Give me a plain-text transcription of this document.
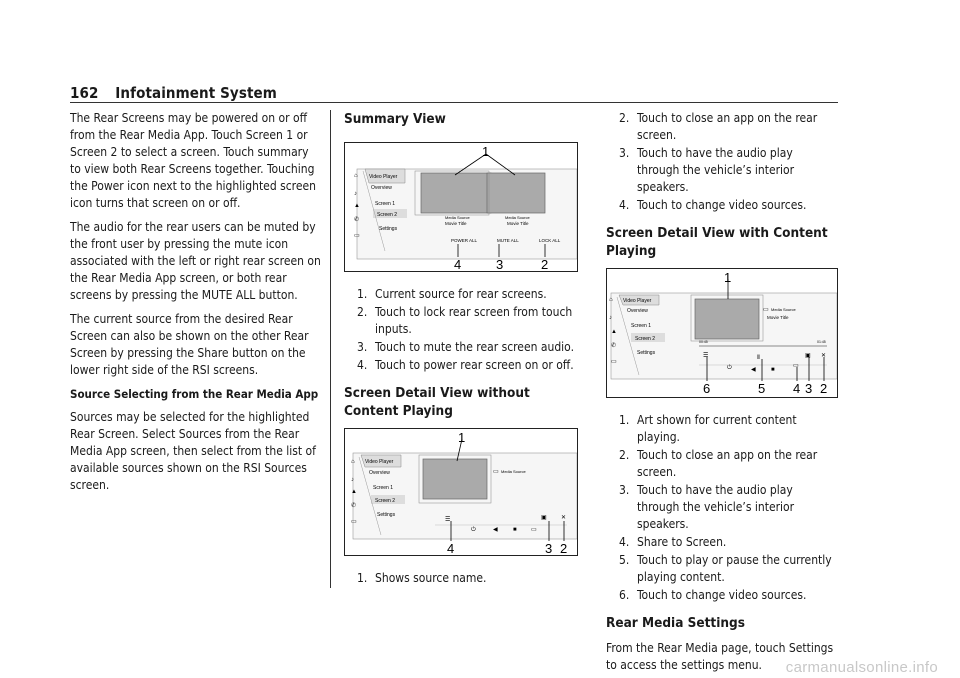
162 Infotainment System

The Rear Screens may be powered on or off from the Rear Media App. Touch Screen 1 or Screen 2 to select a screen. Touch summary to view both Rear Screens together. Touching the Power icon next to the highlighted screen icon turns that screen on or off.

The audio for the rear users can be muted by the front user by pressing the mute icon associated with the left or right rear screen on the Rear Media App screen, or both rear screens by pressing the MUTE ALL button.

The current source from the desired Rear Screen can also be shown on the other Rear Screen by pressing the Share button on the lower right side of the RSI screens.

Source Selecting from the Rear Media App

Sources may be selected for the highlighted Rear Screen. Select Sources from the Rear Media App screen, then select from the list of available sources shown on the RSI Sources screen.

Summary View
⌂
♪
▲
✆
▭
Video Player
Overview
Screen 1
Screen 2
Settings
Media Source
Movie Title
Media Source
Movie Title
POWER ALL	MUTE ALL	LOCK ALL
1
4	3	2
1. Current source for rear screens.
2. Touch to lock rear screen from touch inputs.
3. Touch to mute the rear screen audio.
4. Touch to power rear screen on or off.
Screen Detail View without Content Playing
⌂
♪
▲
✆
▭
Video Player
Overview
Screen 1
Screen 2
Settings
Media Source
▭
☰
⏻	◀	■ ▭
▣ ✕
1
4	3 2
1. Shows source name.
2. Touch to close an app on the rear screen.
3. Touch to have the audio play through the vehicle’s interior speakers.
4. Touch to change video sources.
Screen Detail View with Content Playing
⌂
♪
▲
✆
▭
Video Player
Overview
Screen 1
Screen 2
Settings
▭ Media Source
Movie Title
00:45	01:45
☰
⏻
Ⅱ
◀	■
▭
▣ ✕
1
6	5 4 3 2
1. Art shown for current content playing.
2. Touch to close an app on the rear screen.
3. Touch to have the audio play through the vehicle’s interior speakers.
4. Share to Screen.
5. Touch to play or pause the currently playing content.
6. Touch to change video sources.
Rear Media Settings

From the Rear Media page, touch Settings to access the settings menu.	carmanualsonline.info
